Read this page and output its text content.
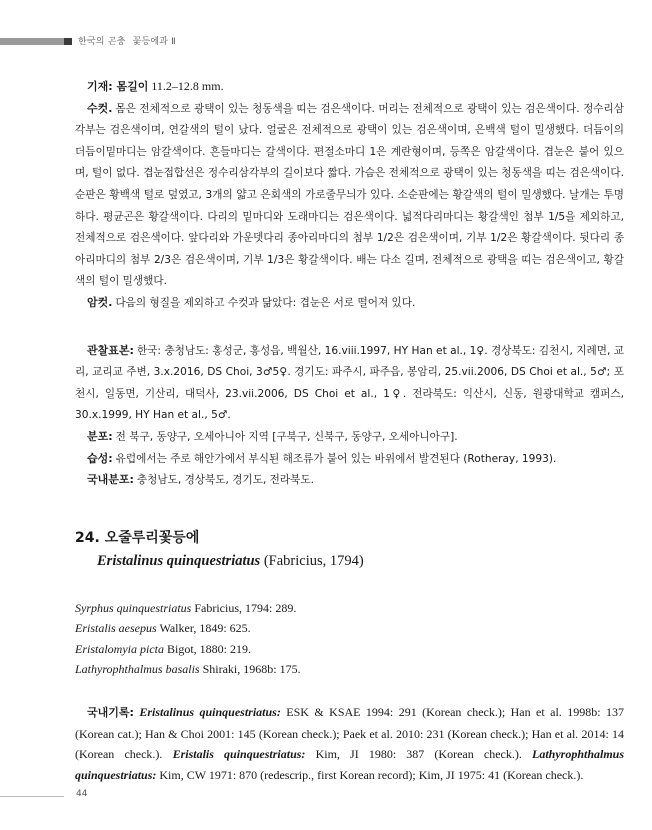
한국의 곤충 꽃등에과 Ⅱ

기재: 몸길이 11.2–12.8 mm.

수컷. 몸은 전체적으로 광택이 있는 청동색을 띠는 검은색이다. 머리는 전체적으로 광택이 있는 검은색이다. 정수리삼각부는 검은색이며, 연갈색의 털이 났다. 얼굴은 전체적으로 광택이 있는 검은색이며, 은백색 털이 밀생했다. 더듬이의 더듬이밑마디는 암갈색이다. 흔들마디는 갈색이다. 편절소마디 1은 계란형이며, 등쪽은 암갈색이다. 겹눈은 붙어 있으며, 털이 없다. 겹눈접합선은 정수리삼각부의 길이보다 짧다. 가슴은 전체적으로 광택이 있는 청동색을 띠는 검은색이다. 순판은 황백색 털로 덮였고, 3개의 얇고 은회색의 가로줄무늬가 있다. 소순판에는 황갈색의 털이 밀생했다. 날개는 투명하다. 평균곤은 황갈색이다. 다리의 밑마디와 도래마디는 검은색이다. 넓적다리마디는 황갈색인 첨부 1/5을 제외하고, 전체적으로 검은색이다. 앞다리와 가운뎃다리 종아리마디의 첨부 1/2은 검은색이며, 기부 1/2은 황갈색이다. 뒷다리 종아리마디의 첨부 2/3은 검은색이며, 기부 1/3은 황갈색이다. 배는 다소 길며, 전체적으로 광택을 띠는 검은색이고, 황갈색의 털이 밀생했다.

암컷. 다음의 형질을 제외하고 수컷과 닮았다: 겹눈은 서로 떨어져 있다.

관찰표본: 한국: 충청남도: 홍성군, 홍성읍, 백월산, 16.viii.1997, HY Han et al., 1♀. 경상북도: 김천시, 지례면, 교리, 교리교 주변, 3.x.2016, DS Choi, 3♂5♀. 경기도: 파주시, 파주읍, 봉암리, 25.vii.2006, DS Choi et al., 5♂; 포천시, 일동면, 기산리, 대덕사, 23.vii.2006, DS Choi et al., 1♀. 전라북도: 익산시, 신동, 원광대학교 캠퍼스, 30.x.1999, HY Han et al., 5♂.

분포: 전 북구, 동양구, 오세아니아 지역 [구북구, 신북구, 동양구, 오세아니아구].

습성: 유럽에서는 주로 해안가에서 부식된 해조류가 붙어 있는 바위에서 발견된다 (Rotheray, 1993).

국내분포: 충청남도, 경상북도, 경기도, 전라북도.

24. 오줄루리꽃등에
Eristalinus quinquestriatus (Fabricius, 1794)

Syrphus quinquestriatus Fabricius, 1794: 289.

Eristalis aesepus Walker, 1849: 625.

Eristalomyia picta Bigot, 1880: 219.

Lathyrophthalmus basalis Shiraki, 1968b: 175.

국내기록: Eristalinus quinquestriatus: ESK & KSAE 1994: 291 (Korean check.); Han et al. 1998b: 137 (Korean cat.); Han & Choi 2001: 145 (Korean check.); Paek et al. 2010: 231 (Korean check.); Han et al. 2014: 14 (Korean check.). Eristalis quinquestriatus: Kim, JI 1980: 387 (Korean check.). Lathyrophthalmus quinquestriatus: Kim, CW 1971: 870 (redescrip., first Korean record); Kim, JI 1975: 41 (Korean check.).

44
